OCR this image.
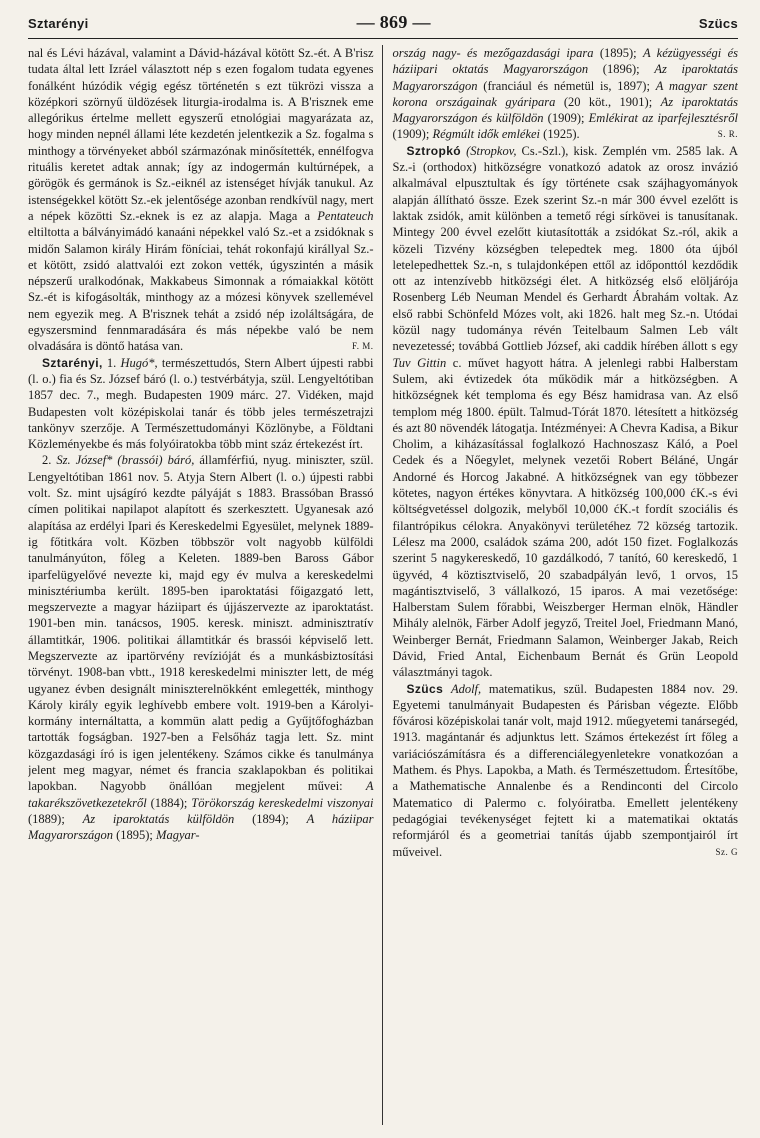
Sztarényi	— 869 —	Szücs

nal és Lévi házával, valamint a Dávid-házával kötött Sz.-ét. A B'risz tudata által lett Izráel választott nép s ezen fogalom tudata egyenes fonálként húzódik végig egész történetén s ezt tükrözi vissza a középkori szörnyű üldözések liturgia-irodalma is. A B'risznek eme allegórikus értelme mellett egyszerű etnológiai magyarázata az, hogy minden nepnél állami léte kezdetén jelentkezik a Sz. fogalma s minthogy a törvényeket abból származónak minősítették, ennélfogva rituális keretet adtak annak; így az indogermán kultúrnépek, a görögök és germánok is Sz.-eiknél az istenséget hívják tanukul. Az istenségekkel kötött Sz.-ek jelentősége azonban rendkívül nagy, mert a népek közötti Sz.-eknek is ez az alapja. Maga a Pentateuch eltiltotta a bálványimádó kanaáni népekkel való Sz.-et a zsidóknak s midőn Salamon király Hirám föníciai, tehát rokonfajú királlyal Sz.-et kötött, zsidó alattvalói ezt zokon vették, úgyszintén a másik népszerű uralkodónak, Makkabeus Simonnak a rómaiakkal kötött Sz.-ét is kifogásolták, minthogy az a mózesi könyvek szellemével nem egyezik meg. A B'risznek tehát a zsidó nép izoláltságára, de egyszersmind fennmaradására és más népekbe való be nem olvadására is döntő hatása van.	F. M.

Sztarényi, 1. Hugó*, természettudós, Stern Albert újpesti rabbi (l. o.) fia és Sz. József báró (l. o.) testvérbátyja, szül. Lengyeltótiban 1857 dec. 7., megh. Budapesten 1909 márc. 27. Vidéken, majd Budapesten volt középiskolai tanár és több jeles természetrajzi tankönyv szerzője. A Természettudományi Közlönybe, a Földtani Közleményekbe és más folyóiratokba több mint száz értekezést írt.

2. Sz. József* (brassói) báró, államférfiú, nyug. miniszter, szül. Lengyeltótiban 1861 nov. 5. Atyja Stern Albert (l. o.) újpesti rabbi volt. Sz. mint ujságíró kezdte pályáját s 1883. Brassóban Brassó címen politikai napilapot alapított és szerkesztett. Ugyanesak azó alapítása az erdélyi Ipari és Kereskedelmi Egyesület, melynek 1889-ig főtitkára volt. Közben többször volt nagyobb külföldi tanulmányúton, főleg a Keleten. 1889-ben Baross Gábor iparfelügyelővé nevezte ki, majd egy év mulva a kereskedelmi minisztériumba került. 1895-ben iparoktatási főigazgató lett, megszervezte a magyar háziipart és újjászervezte az iparoktatást. 1901-ben min. tanácsos, 1905. keresk. miniszt. adminisztratív államtitkár, 1906. politikai államtitkár és brassói képviselő lett. Megszervezte az ipartörvény revízióját és a munkásbiztosítási törvényt. 1908-ban vbtt., 1918 kereskedelmi miniszter lett, de még ugyanez évben designált miniszterelnökként emlegették, minthogy Károly király egyik leghívebb embere volt. 1919-ben a Károlyi-kormány internáltatta, a kommün alatt pedig a Gyűjtőfogházban tartották fogságban. 1927-ben a Felsőház tagja lett. Sz. mint közgazdasági író is igen jelentékeny. Számos cikke és tanulmánya jelent meg magyar, német és francia szaklapokban és politikai lapokban. Nagyobb önállóan megjelent művei: A takarékszövetkezetekről (1884); Törökország kereskedelmi viszonyai (1889); Az iparoktatás külföldön (1894); A háziipar Magyarországon (1895); Magyar-

ország nagy- és mezőgazdasági ipara (1895); A kézügyességi és háziipari oktatás Magyarországon (1896); Az iparoktatás Magyarországon (franciául és németül is, 1897); A magyar szent korona országainak gyáripara (20 köt., 1901); Az iparoktatás Magyarországon és külföldön (1909); Emlékirat az iparfejlesztésről (1909); Régmúlt idők emlékei (1925).	S. R.

Sztropkó (Stropkov, Cs.-Szl.), kisk. Zemplén vm. 2585 lak. A Sz.-i (orthodox) hitközségre vonatkozó adatok az orosz invázió alkalmával elpusztultak és így története csak szájhagyományok alapján állítható össze. Ezek szerint Sz.-n már 300 évvel ezelőtt is laktak zsidók, amit különben a temető régi sírkövei is tanusítanak. Mintegy 200 évvel ezelőtt kiutasították a zsidókat Sz.-ról, akik a közeli Tizvény községben telepedtek meg. 1800 óta újból letelepedhettek Sz.-n, s tulajdonképen ettől az időponttól kezdődik ott az intenzívebb hitközségi élet. A hitközség első elöljárója Rosenberg Léb Neuman Mendel és Gerhardt Ábrahám voltak. Az első rabbi Schönfeld Mózes volt, aki 1826. halt meg Sz.-n. Utódai közül nagy tudománya révén Teitelbaum Salmen Leb vált nevezetessé; továbbá Gottlieb József, aki caddik hírében állott s egy Tuv Gittin c. művet hagyott hátra. A jelenlegi rabbi Halberstam Sulem, aki évtizedek óta működik már a hitközségben. A hitközségnek két temploma és egy Bész hamidrasa van. Az első templom még 1800. épült. Talmud-Tórát 1870. létesített a hitközség és azt 80 növendék látogatja. Intézményei: A Chevra Kadisa, a Bikur Cholim, a kiházasítással foglalkozó Hachnoszasz Káló, a Poel Cedek és a Nőegylet, melynek vezetői Robert Béláné, Ungár Andorné és Horcog Jakabné. A hitközségnek van egy többezer kötetes, nagyon értékes könyvtara. A hitközség 100,000 ćK.-s évi költségvetéssel dolgozik, melyből 10,000 ćK.-t fordít szociális és filantrópikus célokra. Anyakönyvi területéhez 72 község tartozik. Lélesz ma 2000, családok száma 200, adót 150 fizet. Foglalkozás szerint 5 nagykereskedő, 10 gazdálkodó, 7 tanító, 60 kereskedő, 1 ügyvéd, 4 köztisztviselő, 20 szabadpályán levő, 1 orvos, 15 magántisztviselő, 3 vállalkozó, 15 iparos. A mai vezetősége: Halberstam Sulem főrabbi, Weiszberger Herman elnök, Händler Mihály alelnök, Färber Adolf jegyző, Treitel Joel, Friedmann Manó, Weinberger Bernát, Friedmann Salamon, Weinberger Jakab, Reich Dávid, Fried Antal, Eichenbaum Bernát és Grün Leopold választmányi tagok.

Szücs Adolf, matematikus, szül. Budapesten 1884 nov. 29. Egyetemi tanulmányait Budapesten és Párisban végezte. Előbb fővárosi középiskolai tanár volt, majd 1912. műegyetemi tanársegéd, 1913. magántanár és adjunktus lett. Számos értekezést írt főleg a variációszámításra és a differenciálegyenletekre vonatkozóan a Mathem. és Phys. Lapokba, a Math. és Természettudom. Értesítőbe, a Mathematische Annalenbe és a Rendinconti del Circolo Matematico di Palermo c. folyóiratba. Emellett jelentékeny pedagógiai tevékenységet fejtett ki a matematikai oktatás reformjáról és a geometriai tanítás újabb szempontjairól írt műveivel.	Sz. G
